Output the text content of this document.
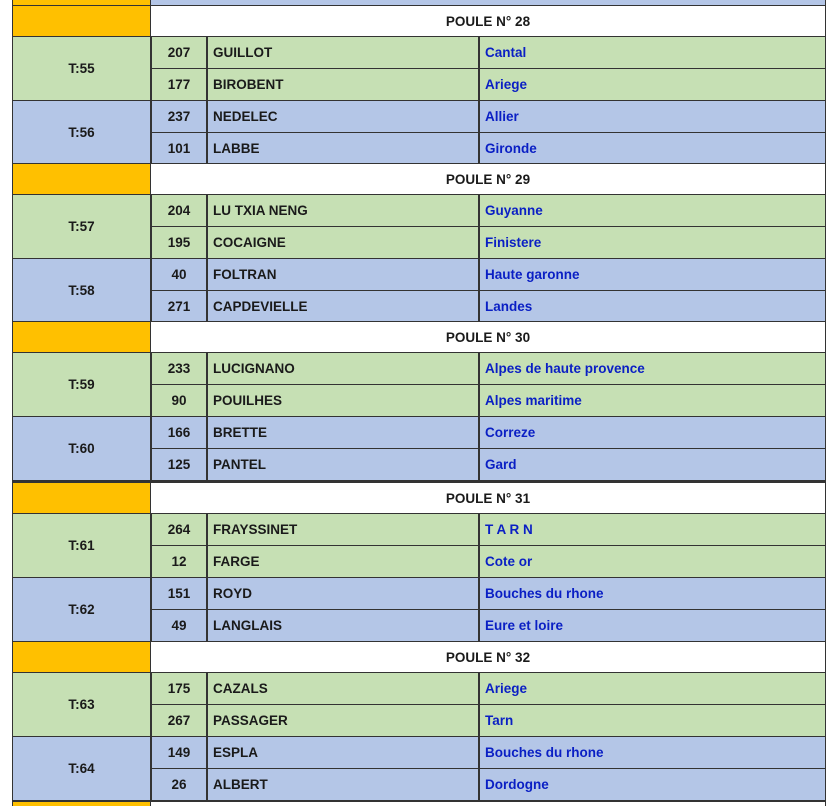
POULE N° 28
T:55
207	GUILLOT	Cantal
177	BIROBENT	Ariege
T:56
237	NEDELEC	Allier
101	LABBE	Gironde
POULE N° 29
T:57
204	LU TXIA NENG	Guyanne
195	COCAIGNE	Finistere
T:58
40	FOLTRAN	Haute garonne
271	CAPDEVIELLE	Landes
POULE N° 30
T:59
233	LUCIGNANO	Alpes de haute provence
90	POUILHES	Alpes maritime
T:60
166	BRETTE	Correze
125	PANTEL	Gard
POULE N° 31
T:61
264	FRAYSSINET	T A R N
12	FARGE	Cote or
T:62
151	ROYD	Bouches du rhone
49	LANGLAIS	Eure et loire
POULE N° 32
T:63
175	CAZALS	Ariege
267	PASSAGER	Tarn
T:64
149	ESPLA	Bouches du rhone
26	ALBERT	Dordogne
